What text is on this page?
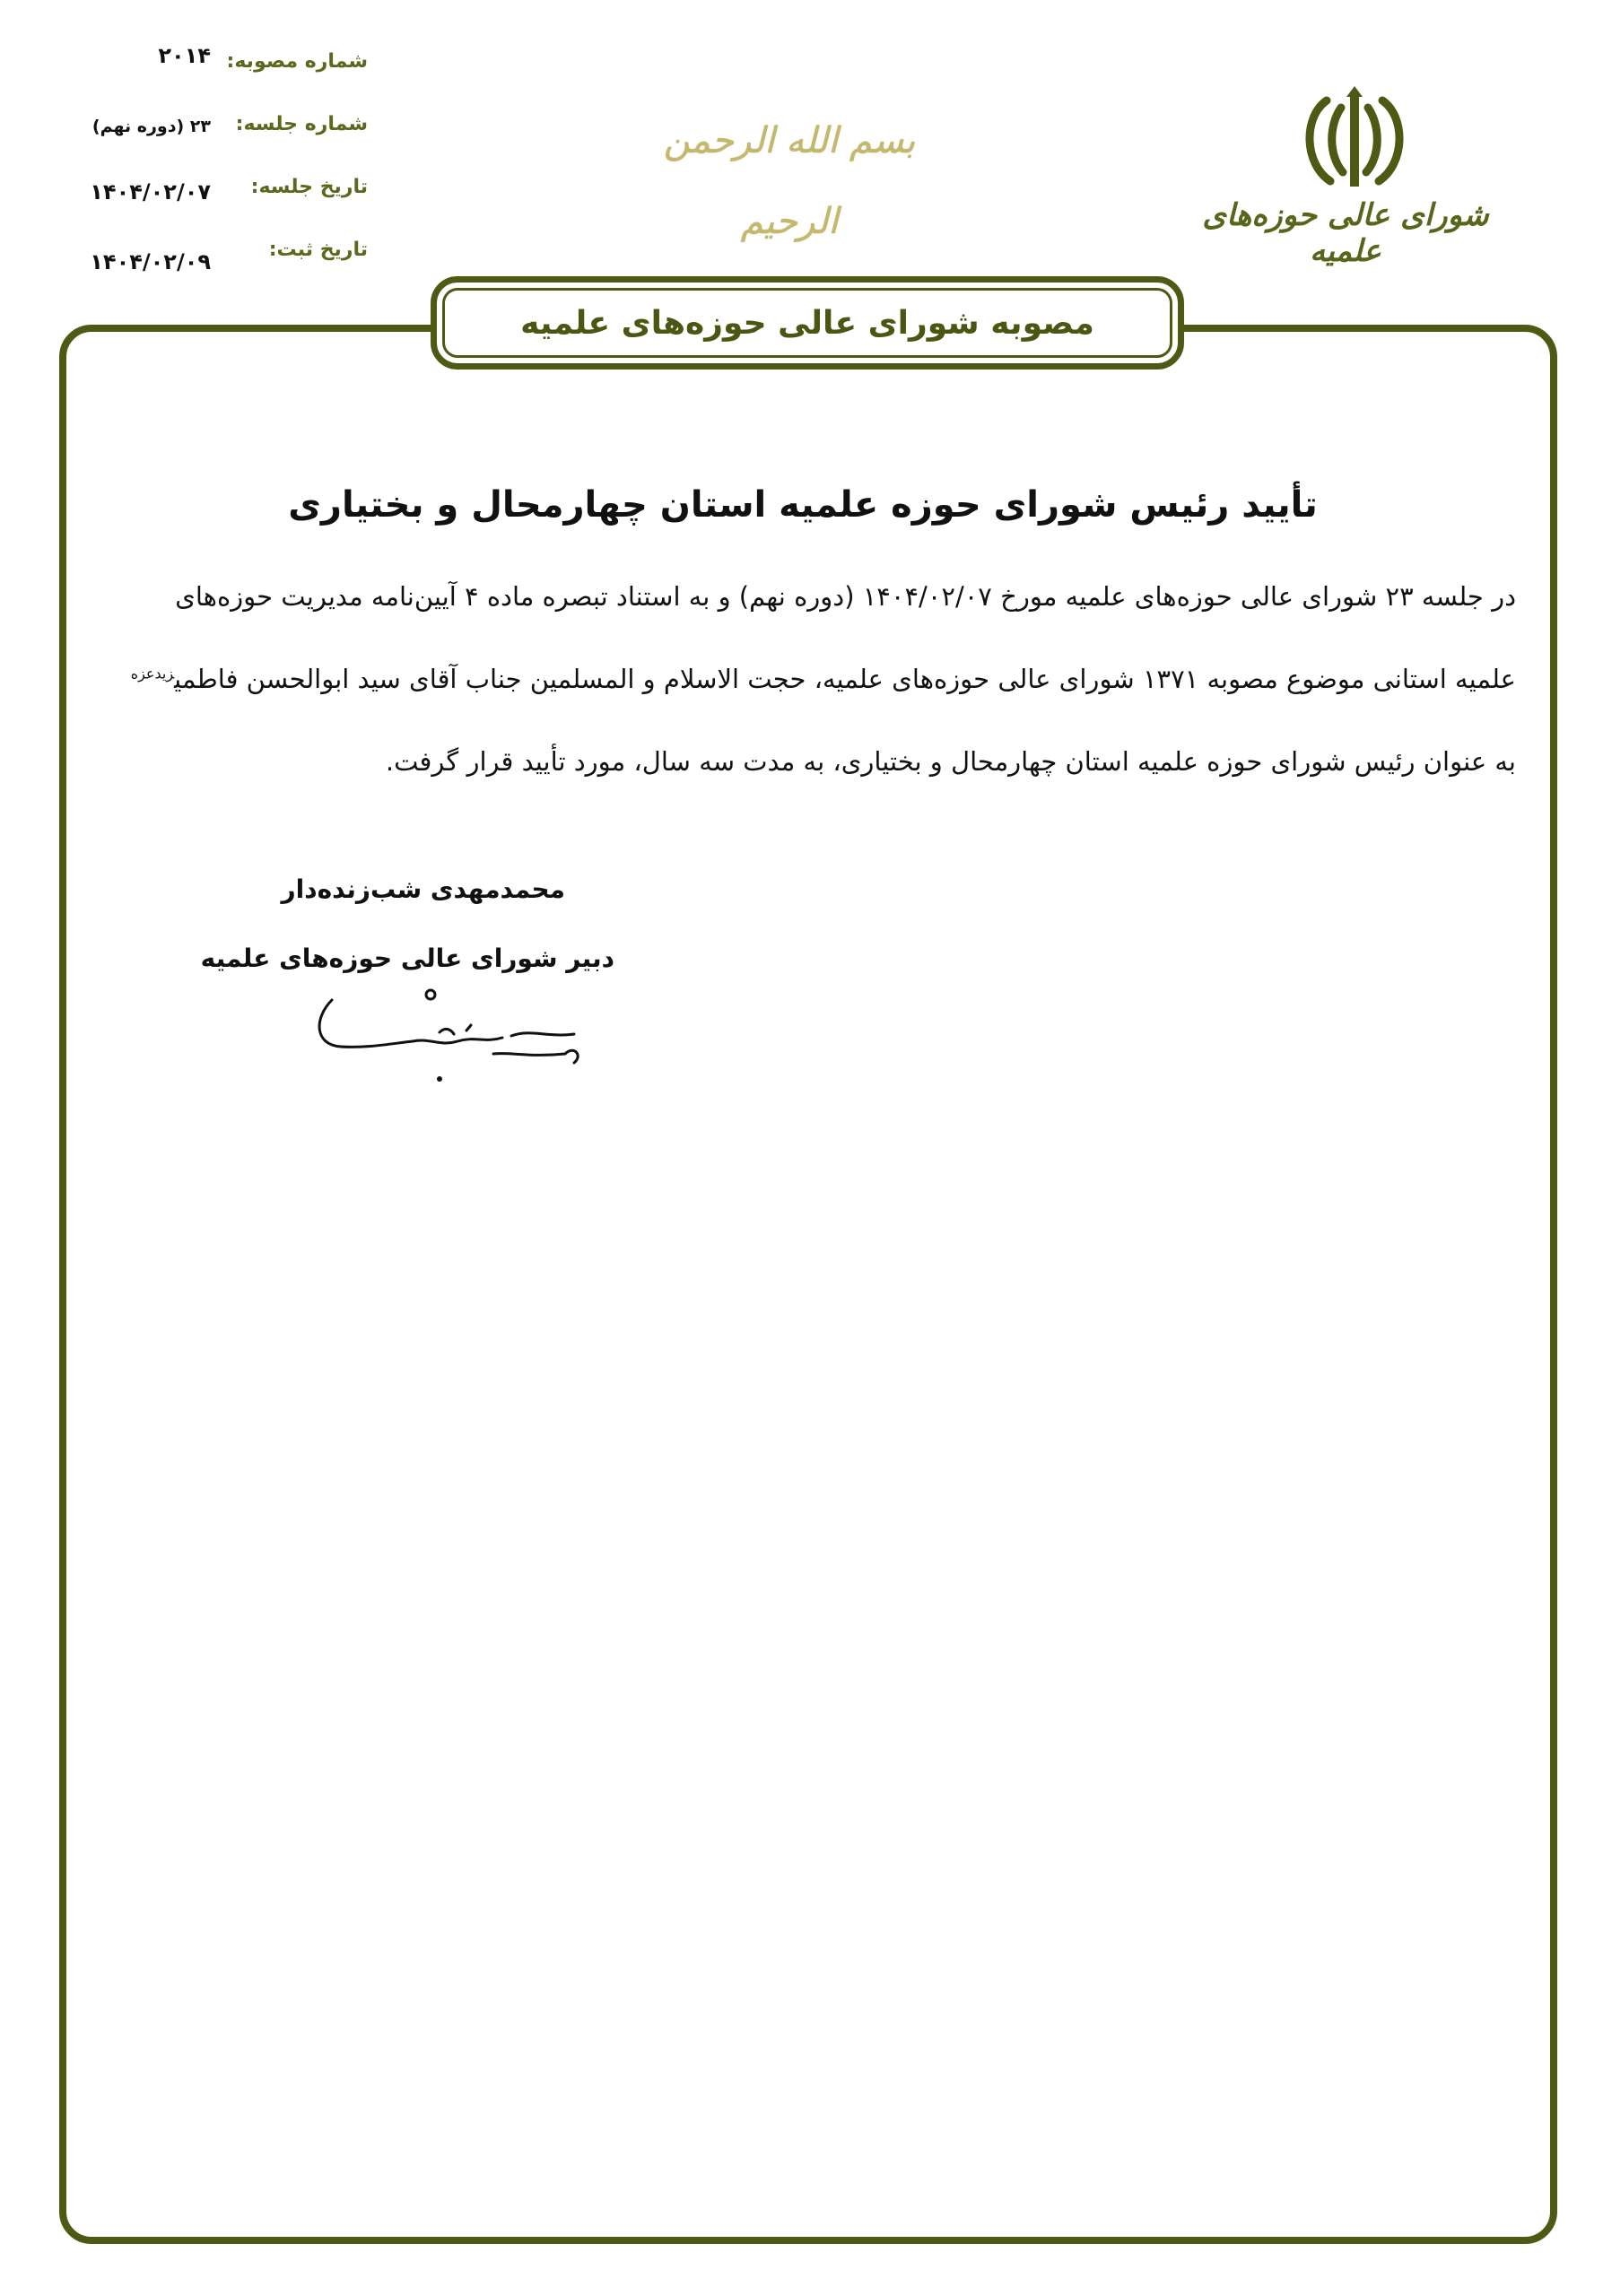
شماره مصوبه:
۲۰۱۴
شماره جلسه:
۲۳ (دوره نهم)
تاریخ جلسه:
۱۴۰۴/۰۲/۰۷
تاریخ ثبت:
۱۴۰۴/۰۲/۰۹
بسم الله الرحمن الرحیم	شورای عالی حوزه‌های علمیه
مصوبه شورای عالی حوزه‌های علمیه
تأیید رئیس شورای حوزه علمیه استان چهارمحال و بختیاری
در جلسه ۲۳ شورای عالی حوزه‌های علمیه مورخ ۱۴۰۴/۰۲/۰۷ (دوره نهم) و به استناد تبصره ماده ۴ آیین‌نامه مدیریت حوزه‌های
علمیه استانی موضوع مصوبه ۱۳۷۱ شورای عالی حوزه‌های علمیه، حجت الاسلام و المسلمین جناب آقای سید ابوالحسن فاطمی$^{زیدعزه}$
به عنوان رئیس شورای حوزه علمیه استان چهارمحال و بختیاری، به مدت سه سال، مورد تأیید قرار گرفت.
محمدمهدی شب‌زنده‌دار
دبیر شورای عالی حوزه‌های علمیه
